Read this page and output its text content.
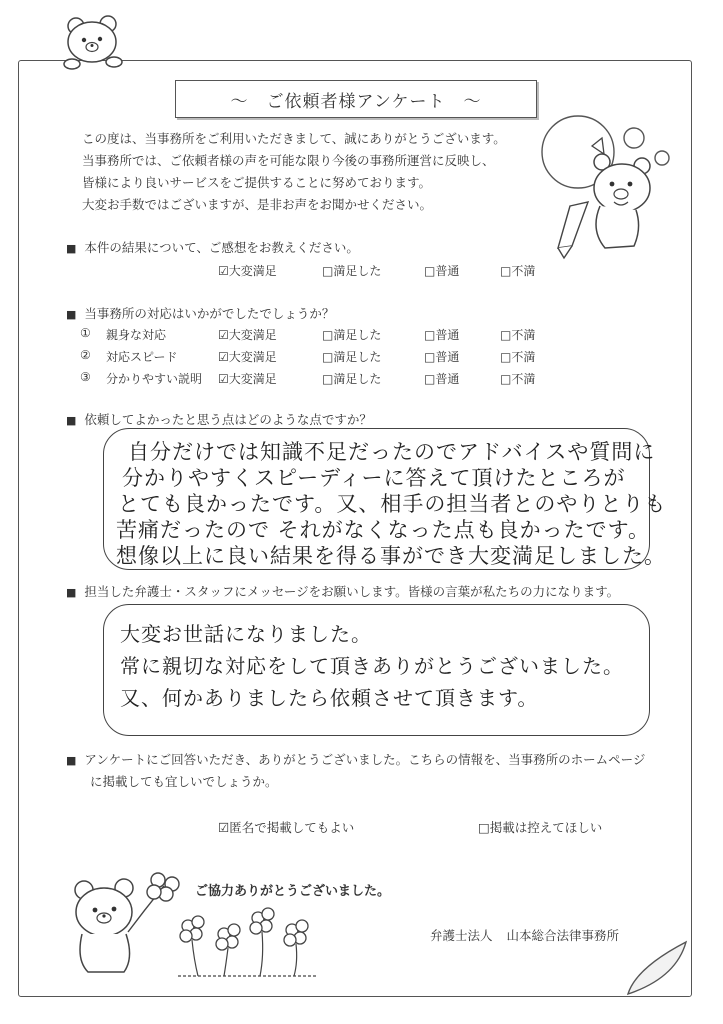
～　ご依頼者様アンケート　～
この度は、当事務所をご利用いただきまして、誠にありがとうございます。
当事務所では、ご依頼者様の声を可能な限り今後の事務所運営に反映し、
皆様により良いサービスをご提供することに努めております。
大変お手数ではございますが、是非お声をお聞かせください。
■ 本件の結果について、ご感想をお教えください。
☑大変満足	□満足した	□普通	□不満
■ 当事務所の対応はいかがでしたでしょうか？
① 親身な対応	☑大変満足	□満足した	□普通	□不満
② 対応スピード	☑大変満足	□満足した	□普通	□不満
③ 分かりやすい説明 ☑大変満足	□満足した	□普通	□不満
■ 依頼してよかったと思う点はどのような点ですか？
自分だけでは知識不足だったのでアドバイスや質問に
分かりやすくスピーディーに答えて頂けたところが
とても良かったです。又、相手の担当者とのやりとりも
苦痛だったので それがなくなった点も良かったです。
想像以上に良い結果を得る事ができ大変満足しました。
■ 担当した弁護士・スタッフにメッセージをお願いします。皆様の言葉が私たちの力になります。
大変お世話になりました。
常に親切な対応をして頂きありがとうございました。
又、何かありましたら依頼させて頂きます。
■ アンケートにご回答いただき、ありがとうございました。こちらの情報を、当事務所のホームページ
に掲載しても宜しいでしょうか。
☑匿名で掲載してもよい	□掲載は控えてほしい
ご協力ありがとうございました。
弁護士法人 山本総合法律事務所
